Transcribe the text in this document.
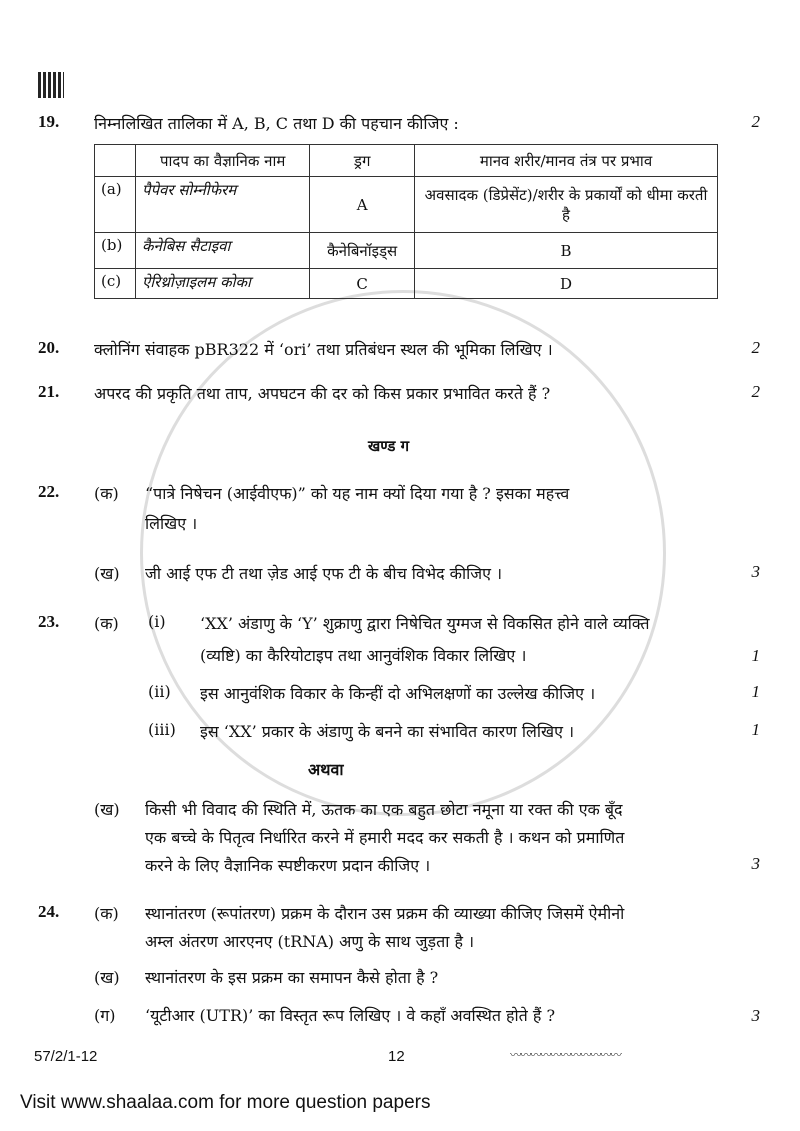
19. निम्नलिखित तालिका में A, B, C तथा D की पहचान कीजिए :	2
	पादप का वैज्ञानिक नाम	ड्रग	मानव शरीर/मानव तंत्र पर प्रभाव
(a)	पैपेवर सोम्नीफेरम	A	अवसादक (डिप्रेसेंट)/शरीर के प्रकार्यों को धीमा करती है
(b)	कैनेबिस सैटाइवा	कैनेबिनॉइड्स	B
(c)	ऐरिथ्रोज़ाइलम कोका	C	D
20. क्लोनिंग संवाहक pBR322 में ‘ori’ तथा प्रतिबंधन स्थल की भूमिका लिखिए ।	2
21. अपरद की प्रकृति तथा ताप, अपघटन की दर को किस प्रकार प्रभावित करते हैं ?	2
खण्ड ग
22. (क) “पात्रे निषेचन (आईवीएफ)” को यह नाम क्यों दिया गया है ? इसका महत्त्व
लिखिए ।
(ख) जी आई एफ टी तथा ज़ेड आई एफ टी के बीच विभेद कीजिए ।	3
23. (क) (i) ‘XX’ अंडाणु के ‘Y’ शुक्राणु द्वारा निषेचित युग्मज से विकसित होने वाले व्यक्ति
(व्यष्टि) का कैरियोटाइप तथा आनुवंशिक विकार लिखिए ।	1
(ii) इस आनुवंशिक विकार के किन्हीं दो अभिलक्षणों का उल्लेख कीजिए ।	1
(iii) इस ‘XX’ प्रकार के अंडाणु के बनने का संभावित कारण लिखिए ।	1
अथवा
(ख) किसी भी विवाद की स्थिति में, ऊतक का एक बहुत छोटा नमूना या रक्त की एक बूँद
एक बच्चे के पितृत्व निर्धारित करने में हमारी मदद कर सकती है । कथन को प्रमाणित
करने के लिए वैज्ञानिक स्पष्टीकरण प्रदान कीजिए ।	3
24. (क) स्थानांतरण (रूपांतरण) प्रक्रम के दौरान उस प्रक्रम की व्याख्या कीजिए जिसमें ऐमीनो
अम्ल अंतरण आरएनए (tRNA) अणु के साथ जुड़ता है ।
(ख) स्थानांतरण के इस प्रक्रम का समापन कैसे होता है ?
(ग) ‘यूटीआर (UTR)’ का विस्तृत रूप लिखिए । वे कहाँ अवस्थित होते हैं ?	3
57/2/1-12	12	〰〰〰〰〰〰〰〰〰〰〰
Visit www.shaalaa.com for more question papers
